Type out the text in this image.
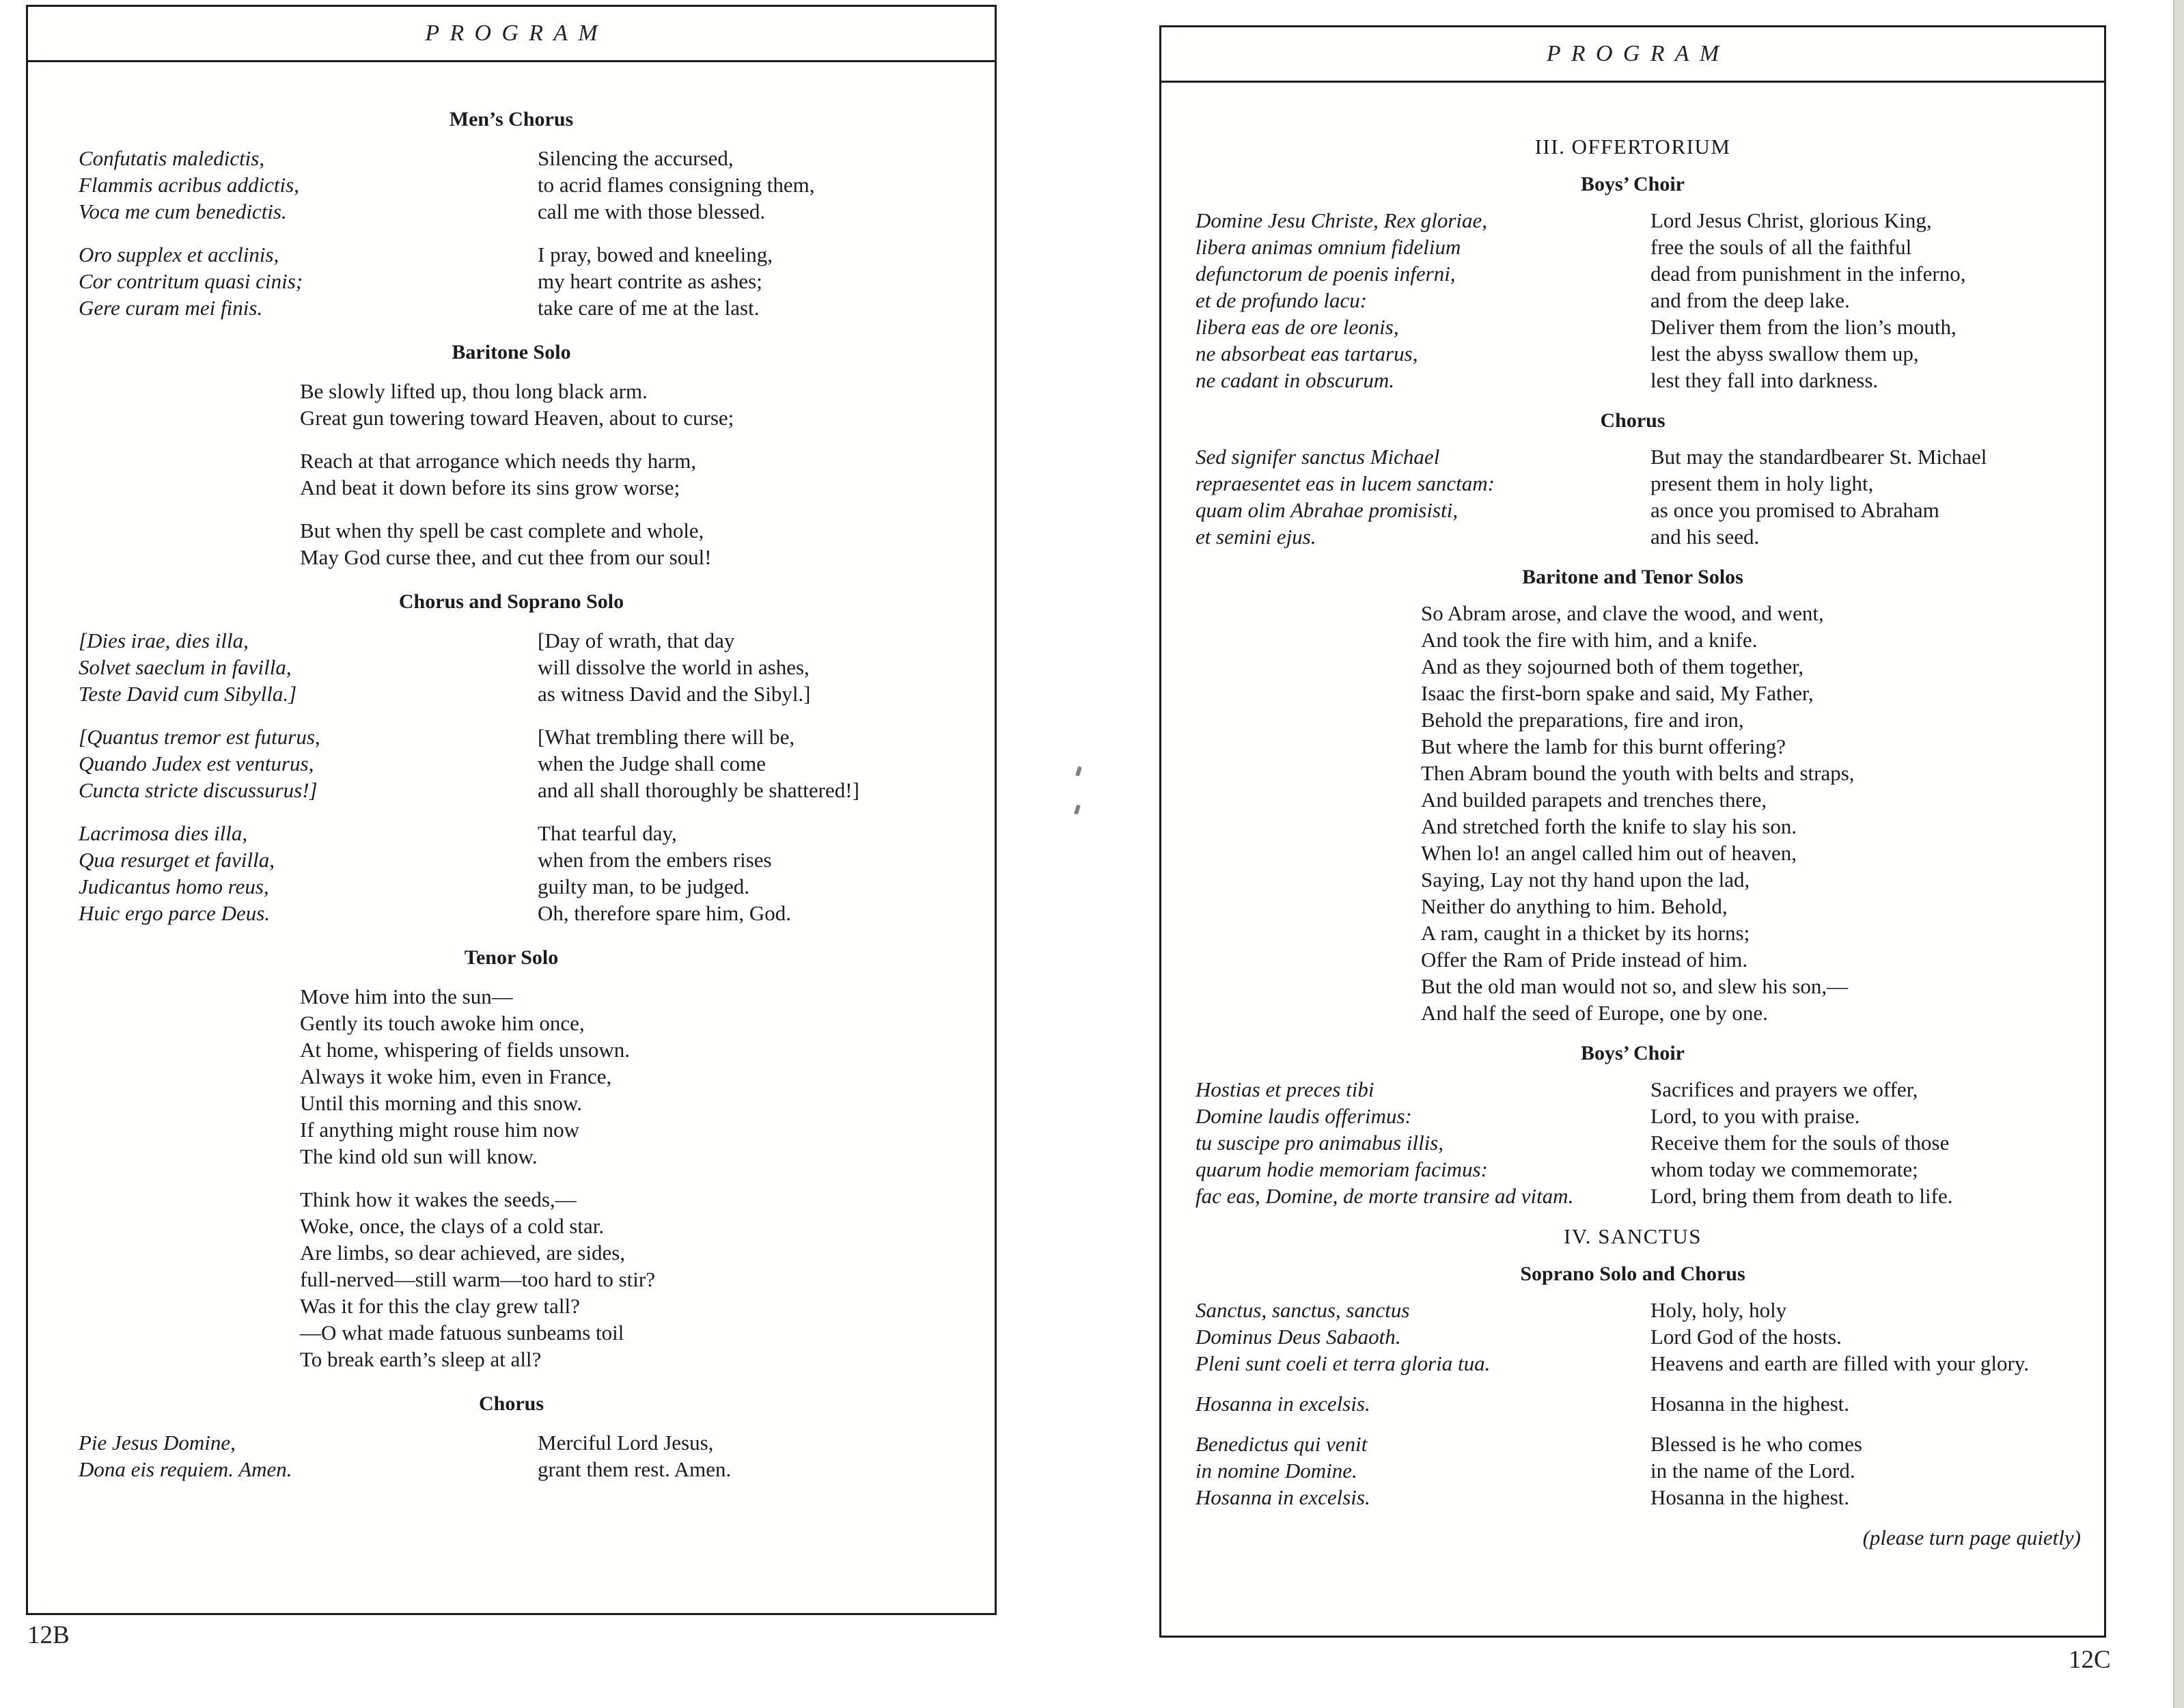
PROGRAM
Men’s Chorus
Confutatis maledictis,
Flammis acribus addictis,
Voca me cum benedictis.
Silencing the accursed,
to acrid flames consigning them,
call me with those blessed.
Oro supplex et acclinis,
Cor contritum quasi cinis;
Gere curam mei finis.
I pray, bowed and kneeling,
my heart contrite as ashes;
take care of me at the last.
Baritone Solo
Be slowly lifted up, thou long black arm.
Great gun towering toward Heaven, about to curse;
Reach at that arrogance which needs thy harm,
And beat it down before its sins grow worse;
But when thy spell be cast complete and whole,
May God curse thee, and cut thee from our soul!
Chorus and Soprano Solo
[Dies irae, dies illa,
Solvet saeclum in favilla,
Teste David cum Sibylla.]
[Day of wrath, that day
will dissolve the world in ashes,
as witness David and the Sibyl.]
[Quantus tremor est futurus,
Quando Judex est venturus,
Cuncta stricte discussurus!]
[What trembling there will be,
when the Judge shall come
and all shall thoroughly be shattered!]
Lacrimosa dies illa,
Qua resurget et favilla,
Judicantus homo reus,
Huic ergo parce Deus.
That tearful day,
when from the embers rises
guilty man, to be judged.
Oh, therefore spare him, God.
Tenor Solo
Move him into the sun—
Gently its touch awoke him once,
At home, whispering of fields unsown.
Always it woke him, even in France,
Until this morning and this snow.
If anything might rouse him now
The kind old sun will know.
Think how it wakes the seeds,—
Woke, once, the clays of a cold star.
Are limbs, so dear achieved, are sides,
full-nerved—still warm—too hard to stir?
Was it for this the clay grew tall?
—O what made fatuous sunbeams toil
To break earth’s sleep at all?
Chorus
Pie Jesus Domine,
Dona eis requiem. Amen.
Merciful Lord Jesus,
grant them rest. Amen.
12B
PROGRAM
III. OFFERTORIUM
Boys’ Choir
Domine Jesu Christe, Rex gloriae,
libera animas omnium fidelium
defunctorum de poenis inferni,
et de profundo lacu:
libera eas de ore leonis,
ne absorbeat eas tartarus,
ne cadant in obscurum.
Lord Jesus Christ, glorious King,
free the souls of all the faithful
dead from punishment in the inferno,
and from the deep lake.
Deliver them from the lion’s mouth,
lest the abyss swallow them up,
lest they fall into darkness.
Chorus
Sed signifer sanctus Michael
repraesentet eas in lucem sanctam:
quam olim Abrahae promisisti,
et semini ejus.
But may the standardbearer St. Michael
present them in holy light,
as once you promised to Abraham
and his seed.
Baritone and Tenor Solos
So Abram arose, and clave the wood, and went,
And took the fire with him, and a knife.
And as they sojourned both of them together,
Isaac the first-born spake and said, My Father,
Behold the preparations, fire and iron,
But where the lamb for this burnt offering?
Then Abram bound the youth with belts and straps,
And builded parapets and trenches there,
And stretched forth the knife to slay his son.
When lo! an angel called him out of heaven,
Saying, Lay not thy hand upon the lad,
Neither do anything to him. Behold,
A ram, caught in a thicket by its horns;
Offer the Ram of Pride instead of him.
But the old man would not so, and slew his son,—
And half the seed of Europe, one by one.
Boys’ Choir
Hostias et preces tibi
Domine laudis offerimus:
tu suscipe pro animabus illis,
quarum hodie memoriam facimus:
fac eas, Domine, de morte transire ad vitam.
Sacrifices and prayers we offer,
Lord, to you with praise.
Receive them for the souls of those
whom today we commemorate;
Lord, bring them from death to life.
IV. SANCTUS
Soprano Solo and Chorus
Sanctus, sanctus, sanctus
Dominus Deus Sabaoth.
Pleni sunt coeli et terra gloria tua.
Holy, holy, holy
Lord God of the hosts.
Heavens and earth are filled with your glory.
Hosanna in excelsis.	Hosanna in the highest.
Benedictus qui venit
in nomine Domine.
Hosanna in excelsis.
Blessed is he who comes
in the name of the Lord.
Hosanna in the highest.
(please turn page quietly)
12C
